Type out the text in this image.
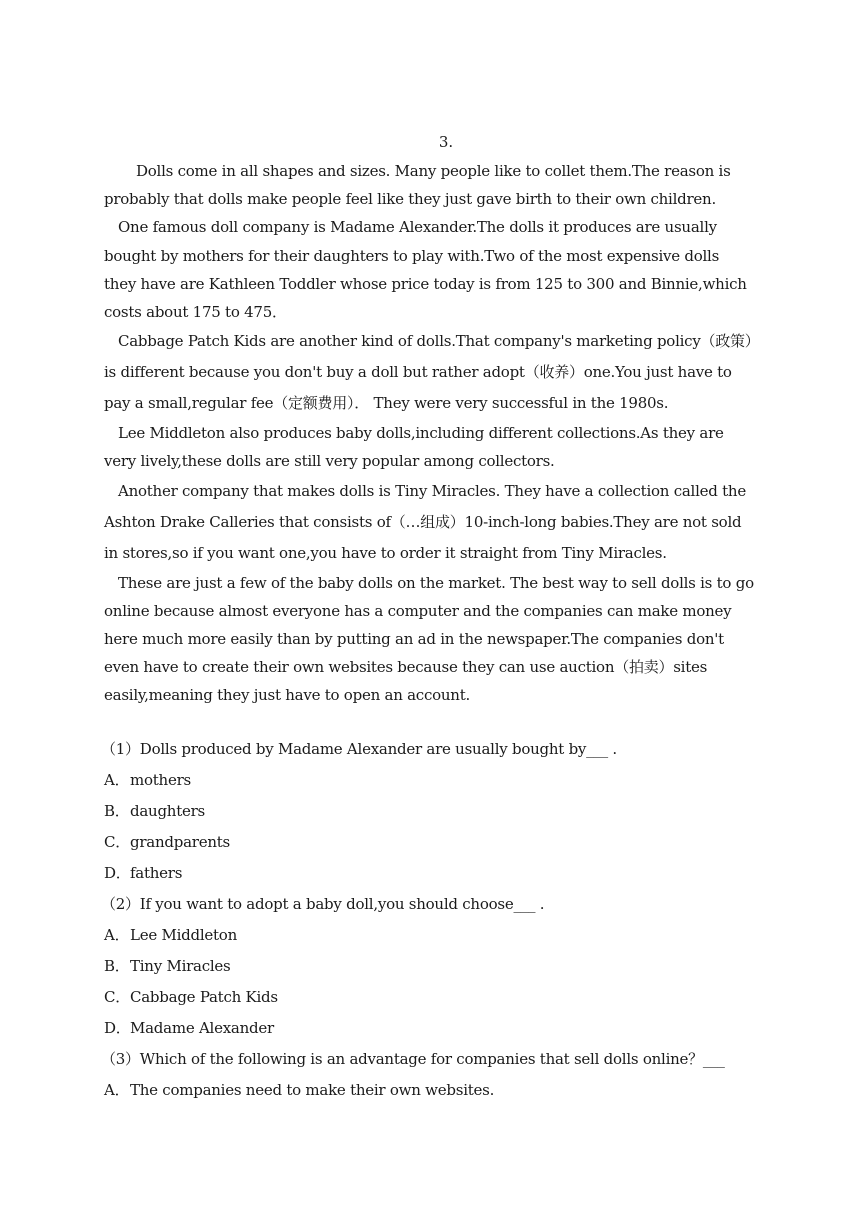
3.

Dolls come in all shapes and sizes. Many people like to collet them.The reason is probably that dolls make people feel like they just gave birth to their own children.

One famous doll company is Madame Alexander.The dolls it produces are usually bought by mothers for their daughters to play with.Two of the most expensive dolls they have are Kathleen Toddler whose price today is from 125 to 300 and Binnie,which costs about 175 to 475．

Cabbage Patch Kids are another kind of dolls.That company's marketing policy（政策）is different because you don't buy a doll but rather adopt（收养）one.You just have to pay a small,regular fee（定额费用）． They were very successful in the 1980s.

Lee Middleton also produces baby dolls,including different collections.As they are very lively,these dolls are still very popular among collectors.

Another company that makes dolls is Tiny Miracles. They have a collection called the Ashton Drake Calleries that consists of（…组成）10-inch-long babies.They are not sold in stores,so if you want one,you have to order it straight from Tiny Miracles.

These are just a few of the baby dolls on the market. The best way to sell dolls is to go online because almost everyone has a computer and the companies can make money here much more easily than by putting an ad in the newspaper.The companies don't even have to create their own websites because they can use auction（拍卖）sites easily,meaning they just have to open an account.

（1）Dolls produced by Madame Alexander are usually bought by___ .

A．mothers

B．daughters

C．grandparents

D．fathers

（2）If you want to adopt a baby doll,you should choose___ .

A．Lee Middleton

B．Tiny Miracles

C．Cabbage Patch Kids

D．Madame Alexander

（3）Which of the following is an advantage for companies that sell dolls online？___

A．The companies need to make their own websites.
